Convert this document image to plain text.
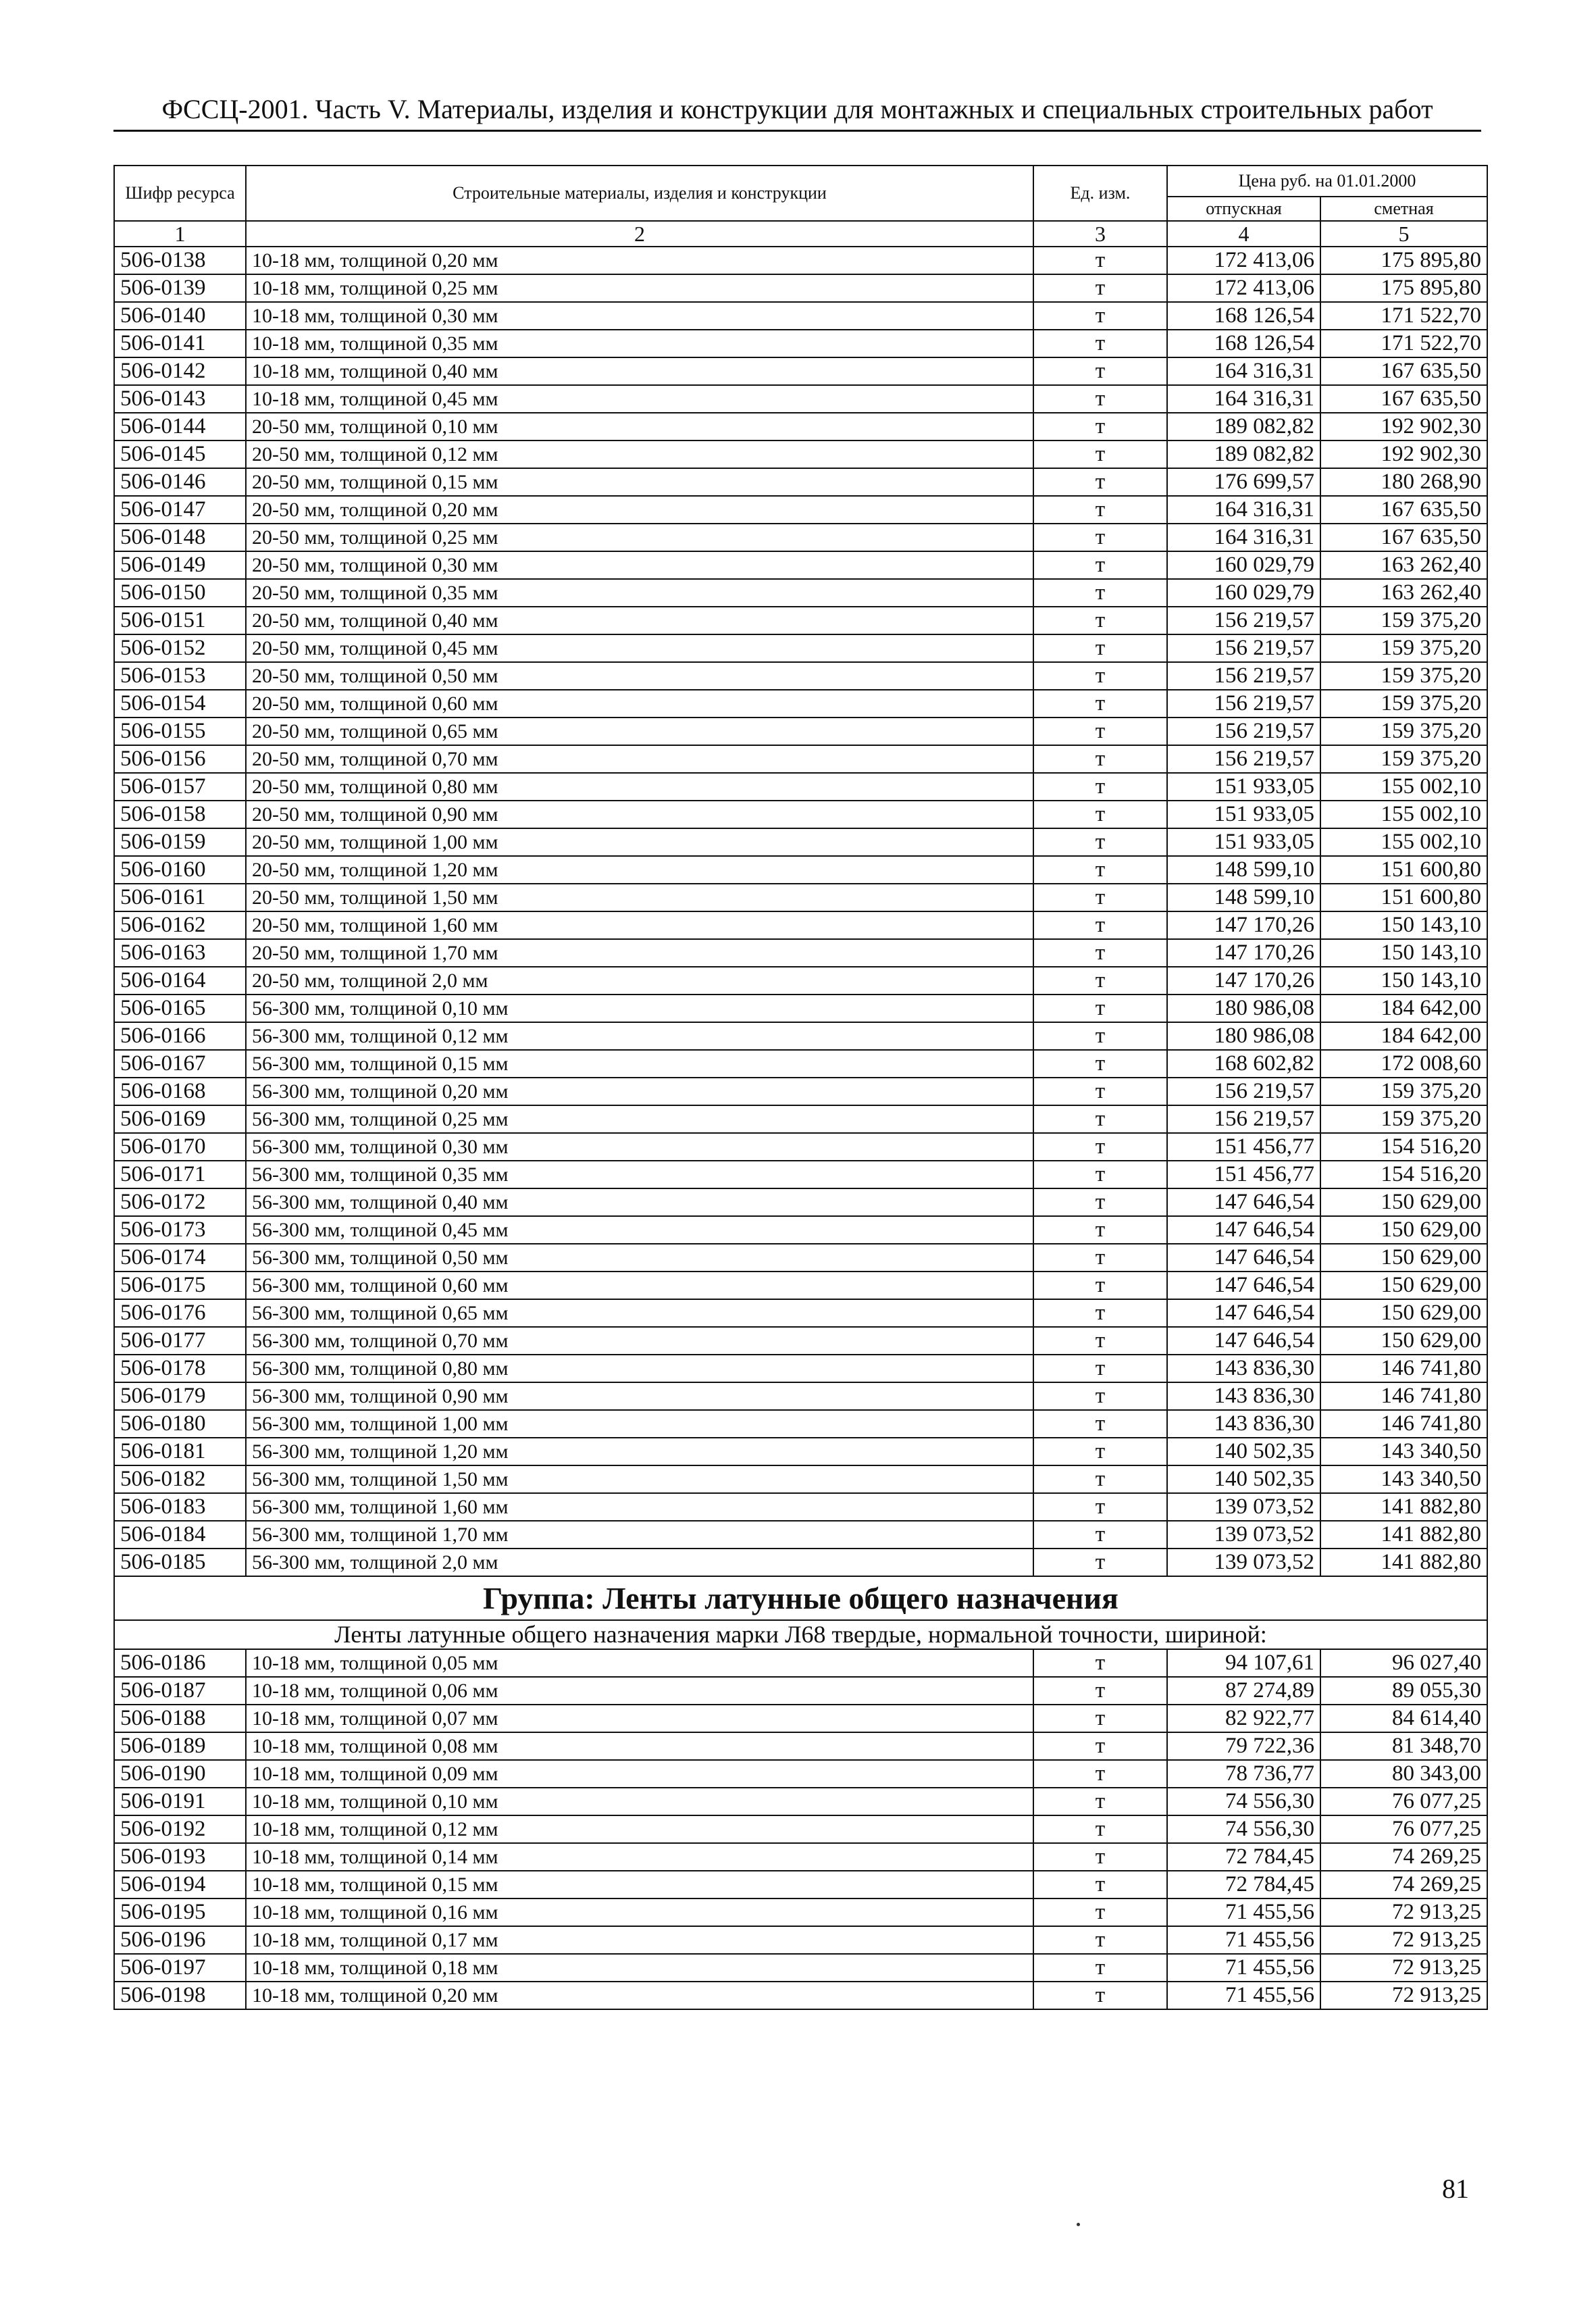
ФССЦ-2001. Часть V. Материалы, изделия и конструкции для монтажных и специальных строительных работ
Шифр ресурса	Строительные материалы, изделия и конструкции	Ед. изм.	Цена руб. на 01.01.2000	
			отпускная	сметная
1	2	3	4	5
506-0138	10-18 мм, толщиной 0,20 мм	т	172 413,06	175 895,80
506-0139	10-18 мм, толщиной 0,25 мм	т	172 413,06	175 895,80
506-0140	10-18 мм, толщиной 0,30 мм	т	168 126,54	171 522,70
506-0141	10-18 мм, толщиной 0,35 мм	т	168 126,54	171 522,70
506-0142	10-18 мм, толщиной 0,40 мм	т	164 316,31	167 635,50
506-0143	10-18 мм, толщиной 0,45 мм	т	164 316,31	167 635,50
506-0144	20-50 мм, толщиной 0,10 мм	т	189 082,82	192 902,30
506-0145	20-50 мм, толщиной 0,12 мм	т	189 082,82	192 902,30
506-0146	20-50 мм, толщиной 0,15 мм	т	176 699,57	180 268,90
506-0147	20-50 мм, толщиной 0,20 мм	т	164 316,31	167 635,50
506-0148	20-50 мм, толщиной 0,25 мм	т	164 316,31	167 635,50
506-0149	20-50 мм, толщиной 0,30 мм	т	160 029,79	163 262,40
506-0150	20-50 мм, толщиной 0,35 мм	т	160 029,79	163 262,40
506-0151	20-50 мм, толщиной 0,40 мм	т	156 219,57	159 375,20
506-0152	20-50 мм, толщиной 0,45 мм	т	156 219,57	159 375,20
506-0153	20-50 мм, толщиной 0,50 мм	т	156 219,57	159 375,20
506-0154	20-50 мм, толщиной 0,60 мм	т	156 219,57	159 375,20
506-0155	20-50 мм, толщиной 0,65 мм	т	156 219,57	159 375,20
506-0156	20-50 мм, толщиной 0,70 мм	т	156 219,57	159 375,20
506-0157	20-50 мм, толщиной 0,80 мм	т	151 933,05	155 002,10
506-0158	20-50 мм, толщиной 0,90 мм	т	151 933,05	155 002,10
506-0159	20-50 мм, толщиной 1,00 мм	т	151 933,05	155 002,10
506-0160	20-50 мм, толщиной 1,20 мм	т	148 599,10	151 600,80
506-0161	20-50 мм, толщиной 1,50 мм	т	148 599,10	151 600,80
506-0162	20-50 мм, толщиной 1,60 мм	т	147 170,26	150 143,10
506-0163	20-50 мм, толщиной 1,70 мм	т	147 170,26	150 143,10
506-0164	20-50 мм, толщиной 2,0 мм	т	147 170,26	150 143,10
506-0165	56-300 мм, толщиной 0,10 мм	т	180 986,08	184 642,00
506-0166	56-300 мм, толщиной 0,12 мм	т	180 986,08	184 642,00
506-0167	56-300 мм, толщиной 0,15 мм	т	168 602,82	172 008,60
506-0168	56-300 мм, толщиной 0,20 мм	т	156 219,57	159 375,20
506-0169	56-300 мм, толщиной 0,25 мм	т	156 219,57	159 375,20
506-0170	56-300 мм, толщиной 0,30 мм	т	151 456,77	154 516,20
506-0171	56-300 мм, толщиной 0,35 мм	т	151 456,77	154 516,20
506-0172	56-300 мм, толщиной 0,40 мм	т	147 646,54	150 629,00
506-0173	56-300 мм, толщиной 0,45 мм	т	147 646,54	150 629,00
506-0174	56-300 мм, толщиной 0,50 мм	т	147 646,54	150 629,00
506-0175	56-300 мм, толщиной 0,60 мм	т	147 646,54	150 629,00
506-0176	56-300 мм, толщиной 0,65 мм	т	147 646,54	150 629,00
506-0177	56-300 мм, толщиной 0,70 мм	т	147 646,54	150 629,00
506-0178	56-300 мм, толщиной 0,80 мм	т	143 836,30	146 741,80
506-0179	56-300 мм, толщиной 0,90 мм	т	143 836,30	146 741,80
506-0180	56-300 мм, толщиной 1,00 мм	т	143 836,30	146 741,80
506-0181	56-300 мм, толщиной 1,20 мм	т	140 502,35	143 340,50
506-0182	56-300 мм, толщиной 1,50 мм	т	140 502,35	143 340,50
506-0183	56-300 мм, толщиной 1,60 мм	т	139 073,52	141 882,80
506-0184	56-300 мм, толщиной 1,70 мм	т	139 073,52	141 882,80
506-0185	56-300 мм, толщиной 2,0 мм	т	139 073,52	141 882,80
Группа: Ленты латунные общего назначения				
Ленты латунные общего назначения марки Л68 твердые, нормальной точности, шириной:				
506-0186	10-18 мм, толщиной 0,05 мм	т	94 107,61	96 027,40
506-0187	10-18 мм, толщиной 0,06 мм	т	87 274,89	89 055,30
506-0188	10-18 мм, толщиной 0,07 мм	т	82 922,77	84 614,40
506-0189	10-18 мм, толщиной 0,08 мм	т	79 722,36	81 348,70
506-0190	10-18 мм, толщиной 0,09 мм	т	78 736,77	80 343,00
506-0191	10-18 мм, толщиной 0,10 мм	т	74 556,30	76 077,25
506-0192	10-18 мм, толщиной 0,12 мм	т	74 556,30	76 077,25
506-0193	10-18 мм, толщиной 0,14 мм	т	72 784,45	74 269,25
506-0194	10-18 мм, толщиной 0,15 мм	т	72 784,45	74 269,25
506-0195	10-18 мм, толщиной 0,16 мм	т	71 455,56	72 913,25
506-0196	10-18 мм, толщиной 0,17 мм	т	71 455,56	72 913,25
506-0197	10-18 мм, толщиной 0,18 мм	т	71 455,56	72 913,25
506-0198	10-18 мм, толщиной 0,20 мм	т	71 455,56	72 913,25
81
